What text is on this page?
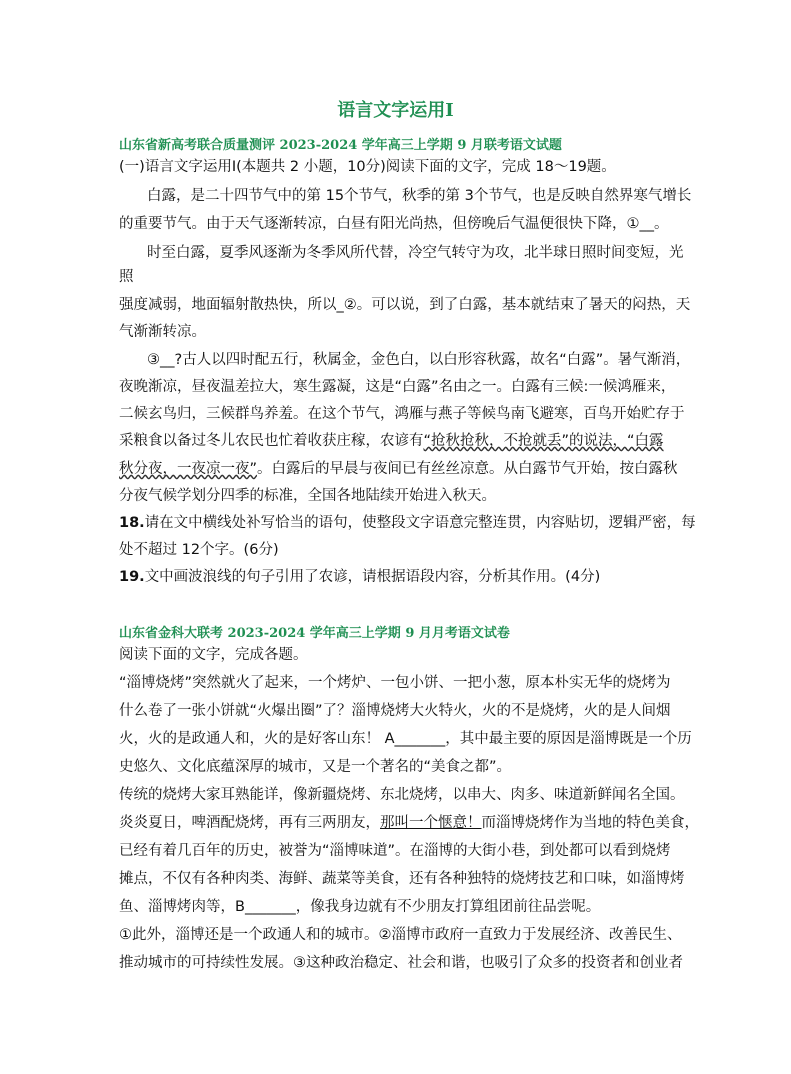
语言文字运用Ⅰ
山东省新高考联合质量测评 2023-2024 学年高三上学期 9 月联考语文试题
(一)语言文字运用Ⅰ(本题共 2 小题，10分)阅读下面的文字，完成 18～19题。
白露，是二十四节气中的第 15个节气，秋季的第 3个节气，也是反映自然界寒气增长
的重要节气。由于天气逐渐转凉，白昼有阳光尚热，但傍晚后气温便很快下降，①__。
时至白露，夏季风逐渐为冬季风所代替，冷空气转守为攻，北半球日照时间变短，光
照
强度减弱，地面辐射散热快，所以_②。可以说，到了白露，基本就结束了暑天的闷热，天
气渐渐转凉。
③__?古人以四时配五行，秋属金，金色白，以白形容秋露，故名“白露”。暑气渐消，
夜晚渐凉，昼夜温差拉大，寒生露凝，这是“白露”名由之一。白露有三候:一候鸿雁来，
二候玄鸟归，三候群鸟养羞。在这个节气，鸿雁与燕子等候鸟南飞避寒，百鸟开始贮存于
采粮食以备过冬儿农民也忙着收获庄稼，农谚有“抢秋抢秋，不抢就丢”的说法，“白露
秋分夜，一夜凉一夜”。白露后的早晨与夜间已有丝丝凉意。从白露节气开始，按白露秋
分夜气候学划分四季的标准，全国各地陆续开始进入秋天。
18.请在文中横线处补写恰当的语句，使整段文字语意完整连贯，内容贴切，逻辑严密，每
处不超过 12个字。(6分)
19.文中画波浪线的句子引用了农谚，请根据语段内容，分析其作用。(4分)
山东省金科大联考 2023-2024 学年高三上学期 9 月月考语文试卷
阅读下面的文字，完成各题。
“淄博烧烤”突然就火了起来，一个烤炉、一包小饼、一把小葱，原本朴实无华的烧烤为
什么卷了一张小饼就“火爆出圈”了？淄博烧烤大火特火，火的不是烧烤，火的是人间烟
火，火的是政通人和，火的是好客山东！ A_______，其中最主要的原因是淄博既是一个历
史悠久、文化底蕴深厚的城市，又是一个著名的“美食之都”。
传统的烧烤大家耳熟能详，像新疆烧烤、东北烧烤，以串大、肉多、味道新鲜闻名全国。
炎炎夏日，啤酒配烧烤，再有三两朋友，那叫一个惬意！而淄博烧烤作为当地的特色美食，
已经有着几百年的历史，被誉为“淄博味道”。在淄博的大街小巷，到处都可以看到烧烤
摊点，不仅有各种肉类、海鲜、蔬菜等美食，还有各种独特的烧烤技艺和口味，如淄博烤
鱼、淄博烤肉等，B_______，像我身边就有不少朋友打算组团前往品尝呢。
①此外，淄博还是一个政通人和的城市。②淄博市政府一直致力于发展经济、改善民生、
推动城市的可持续性发展。③这种政治稳定、社会和谐，也吸引了众多的投资者和创业者
